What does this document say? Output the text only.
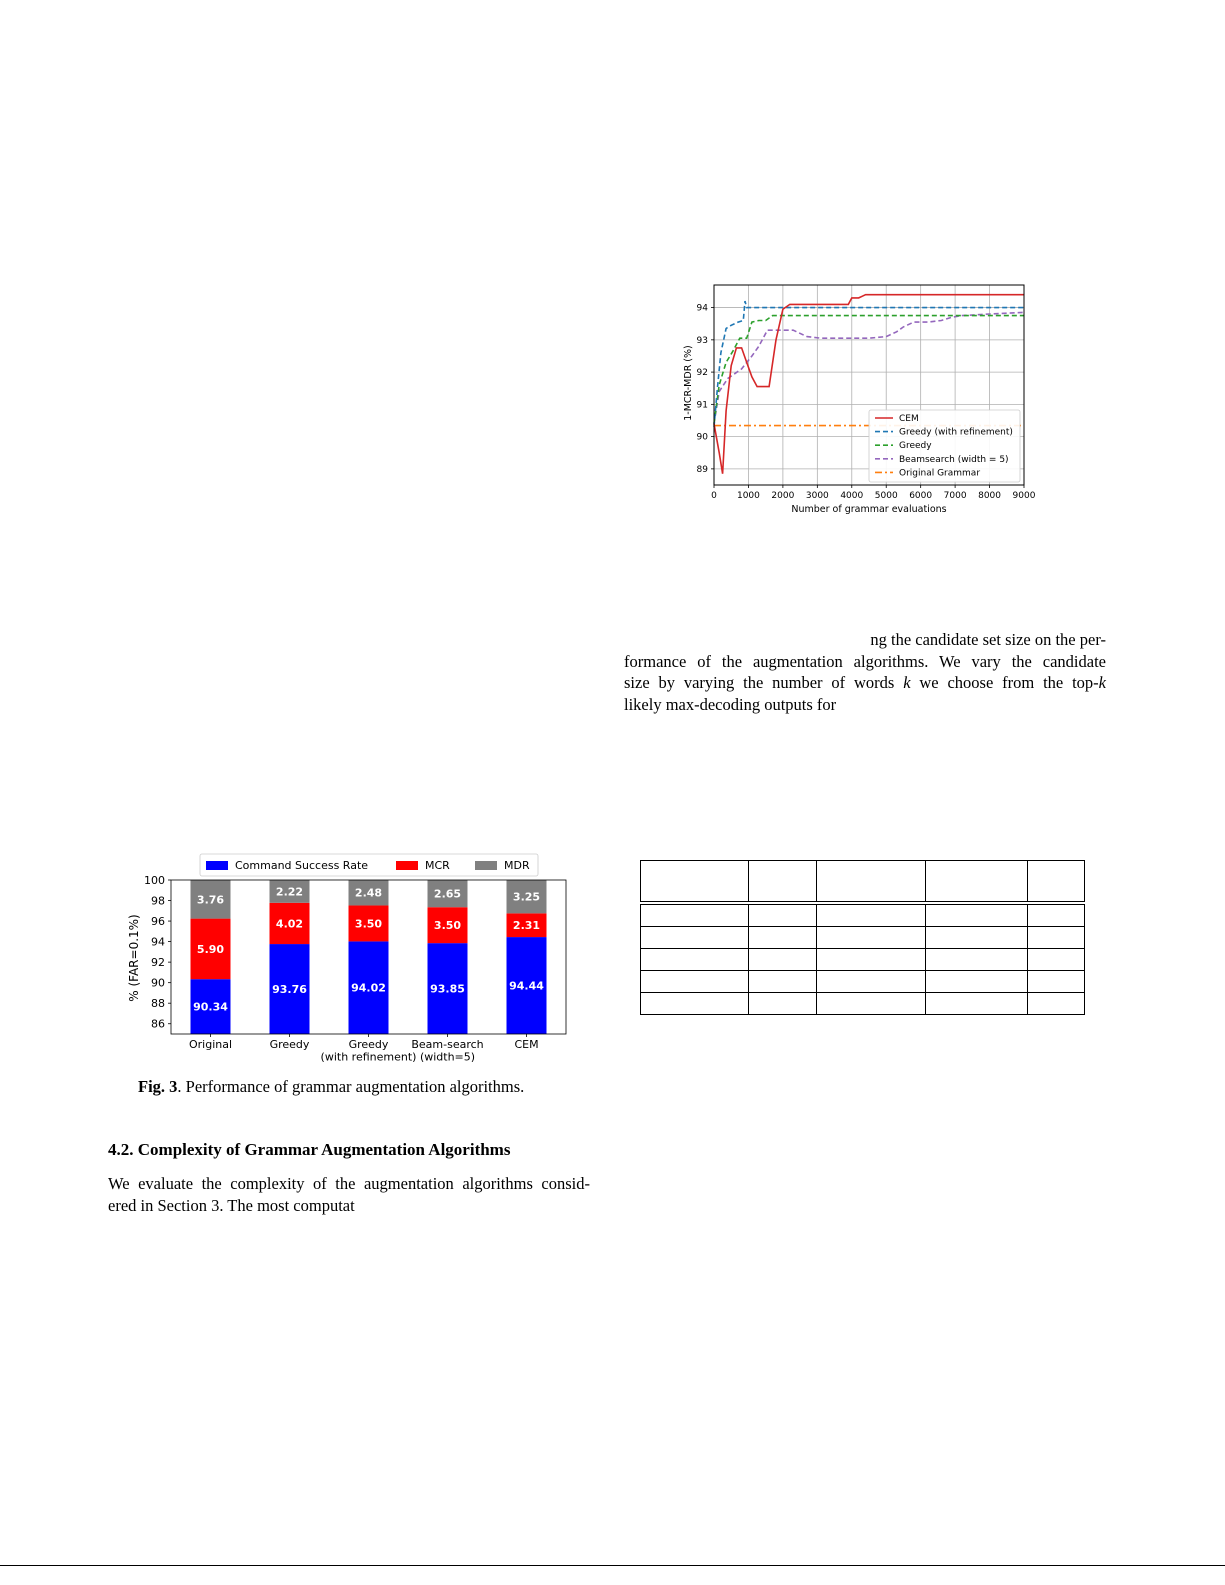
0 1000 2000 3000 4000 5000 6000 7000 8000 9000
89
90
91
92
93
94
Number of grammar evaluations
1-MCR-MDR (%)	CEM
Greedy (with refinement)
Greedy
Beamsearch (width = 5)
Original Grammar
ng the candidate set size on the per-
formance of the augmentation algorithms. We vary the candidate
size by varying the number of words k we choose from the top-k
likely max-decoding outputs for

90.34
5.90
3.76
93.76
4.02
2.22
94.02
3.50
2.48
93.85
3.50
2.65
94.44
2.31
3.25
86
88
90
92
94
96
98
100
Original	Greedy	Greedy
(with refinement)
Beam-search
(width=5)
CEM
% (FAR=0.1%)
Command Success Rate	MCR	MDR
Fig. 3. Performance of grammar augmentation algorithms.
4.2. Complexity of Grammar Augmentation Algorithms
We evaluate the complexity of the augmentation algorithms consid-
ered in Section 3. The most computat
